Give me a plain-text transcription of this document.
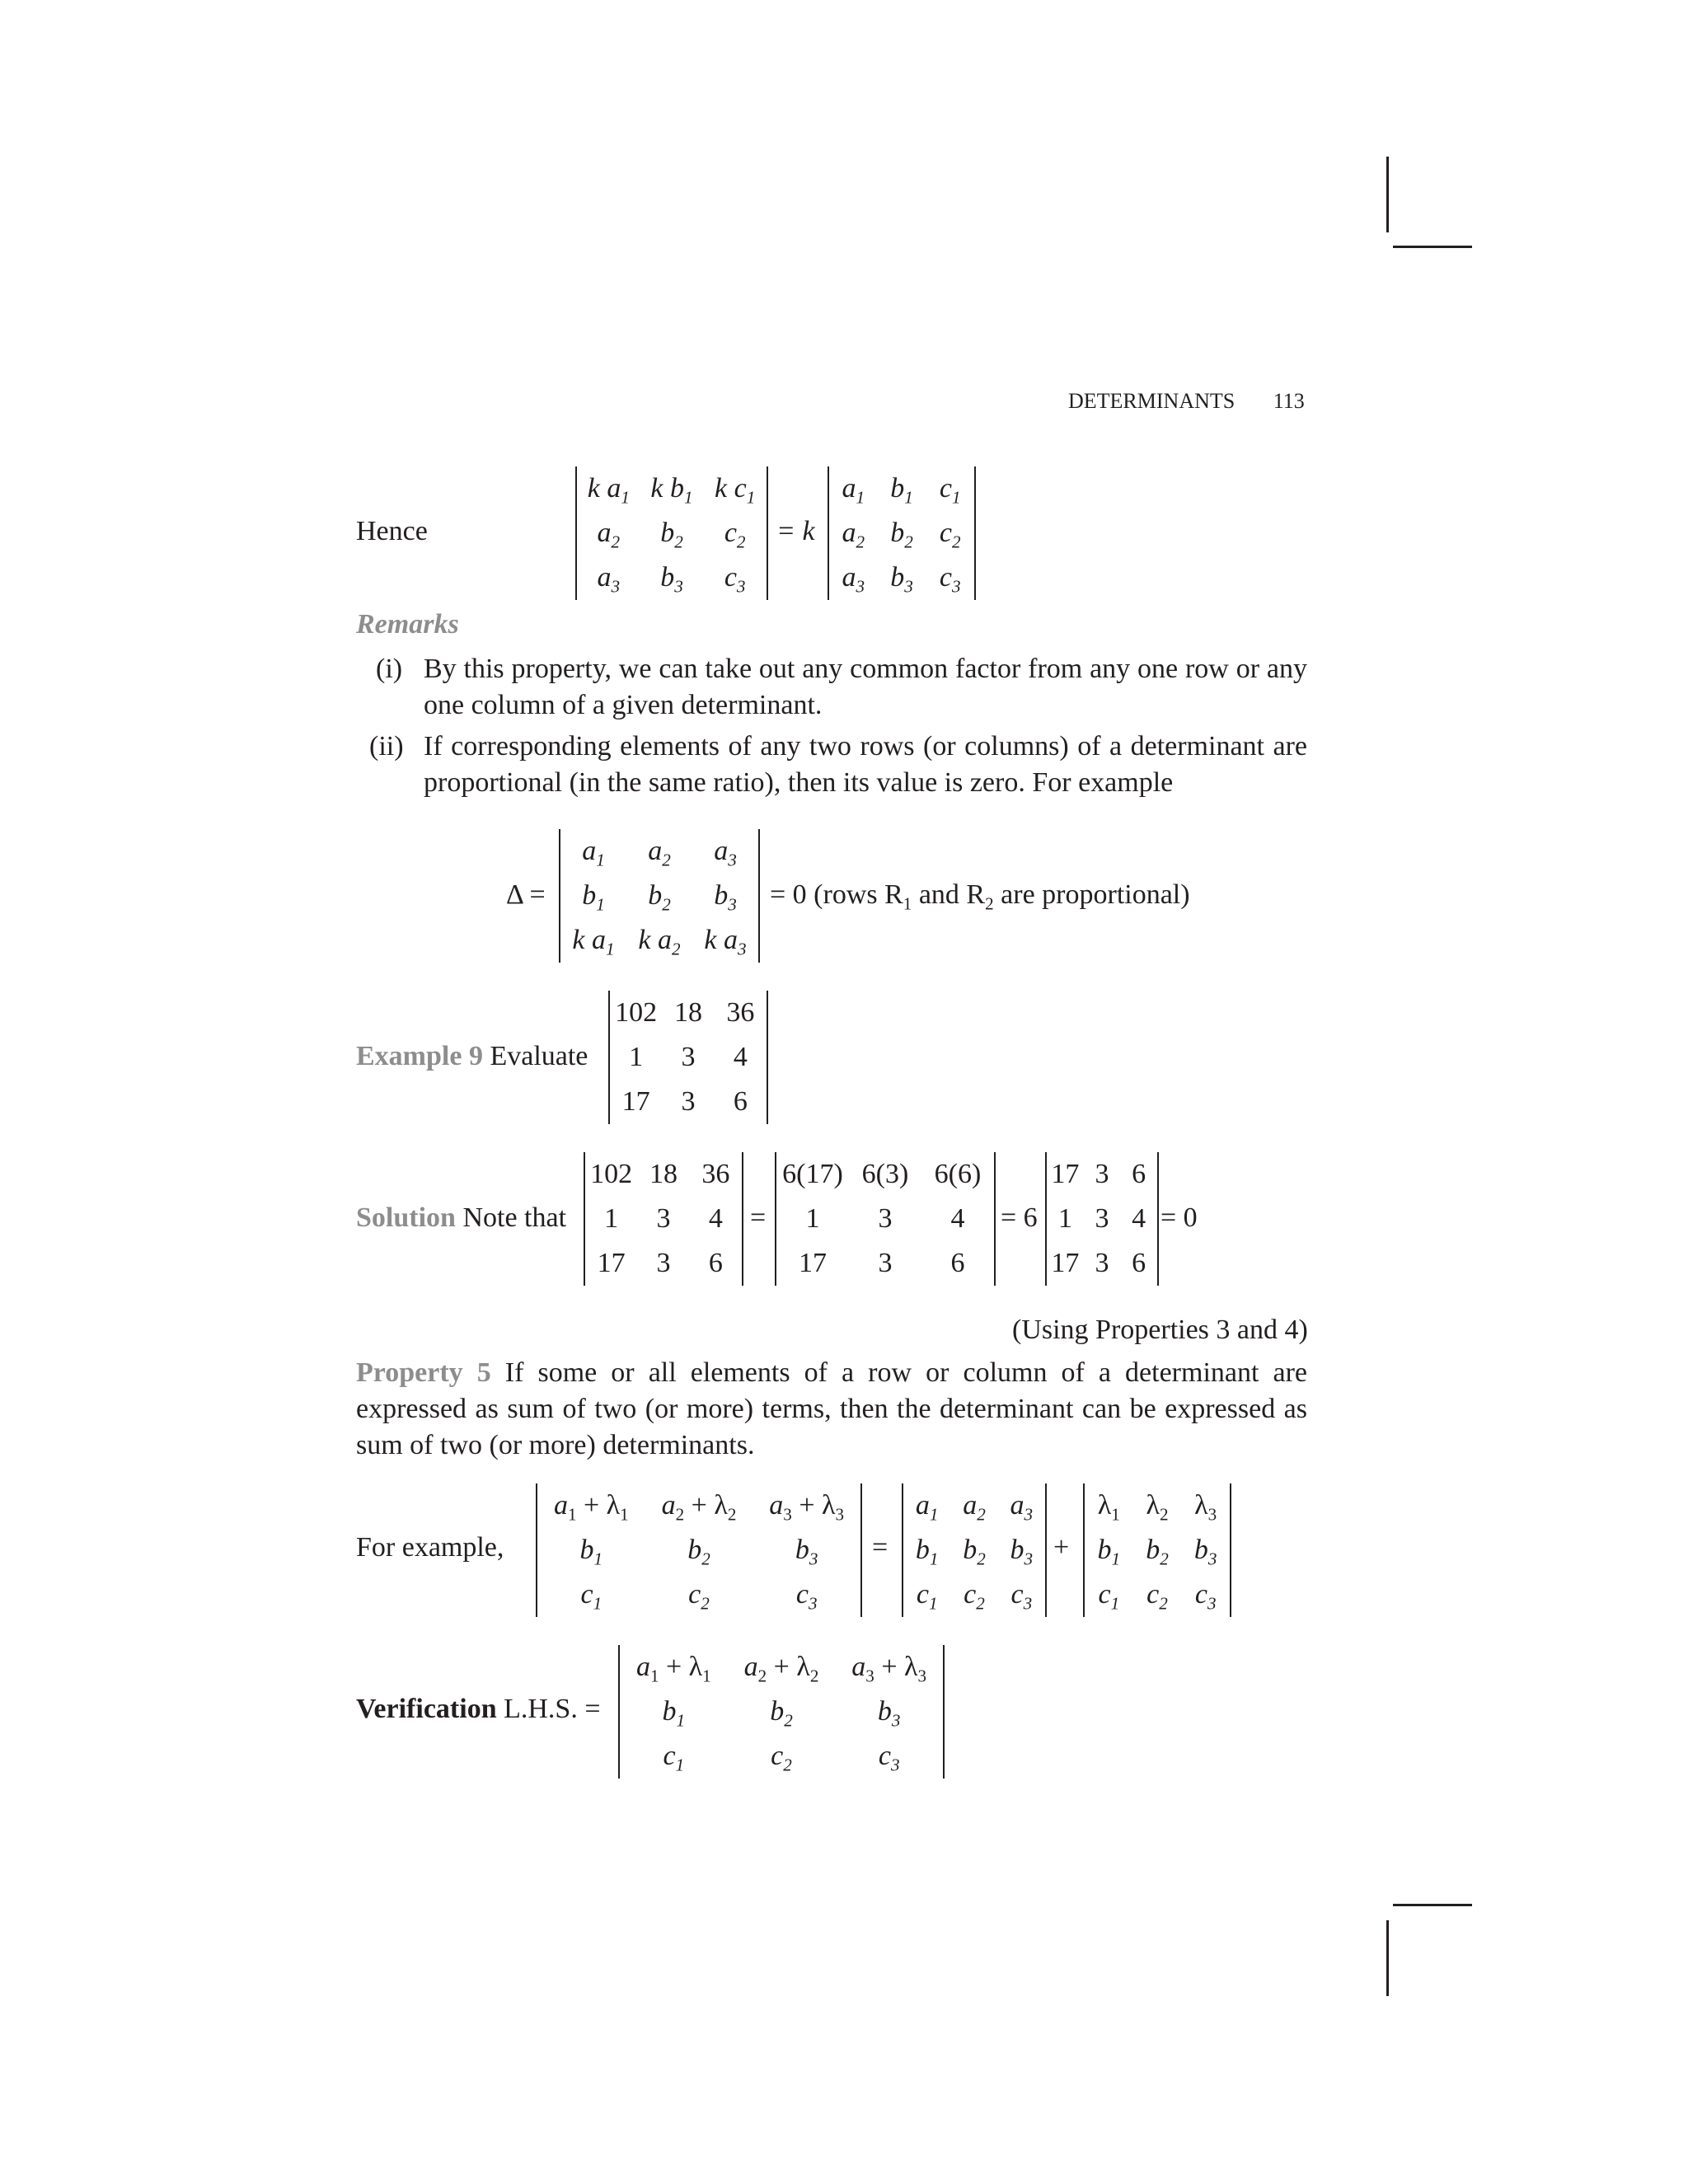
DETERMINANTS 113
Hence
k $a_1$ k $b_1$ k $c_1$
$a_2$	$b_2$	$c_2$
$a_3$	$b_3$	$c_3$
= k
$a_1$ $b_1$ $c_1$
$a_2$ $b_2$ $c_2$
$a_3$ $b_3$ $c_3$
Remarks
(i) By this property, we can take out any common factor from any one row or any one column of a given determinant.
(ii) If corresponding elements of any two rows (or columns) of a determinant are proportional (in the same ratio), then its value is zero. For example
Δ =
$a_1$	$a_2$	$a_3$
$b_1$	$b_2$	$b_3$
k $a_1$ k $a_2$ k $a_3$
= 0 (rows $R_1$ and $R_2$ are proportional)
Example 9 Evaluate
102 18 36
1	3	4
17	3	6
Solution Note that
102 18 36
1	3	4
17	3	6
=
6(17) 6(3) 6(6)
1	3	4
17	3	6
= 6
17 3 6
1 3 4
17 3 6
= 0
(Using Properties 3 and 4)
Property 5 If some or all elements of a row or column of a determinant are expressed as sum of two (or more) terms, then the determinant can be expressed as sum of two (or more) determinants.
For example,
$a_1 + \lambda_1$	$a_2 + \lambda_2$	$a_3 + \lambda_3$
$b_1$	$b_2$	$b_3$
$c_1$	$c_2$	$c_3$
=
$a_1$ $a_2$ $a_3$
$b_1$ $b_2$ $b_3$
$c_1$ $c_2$ $c_3$
+
$\lambda_1$ $\lambda_2$ $\lambda_3$
$b_1$ $b_2$ $b_3$
$c_1$ $c_2$ $c_3$
Verification L.H.S. =
$a_1 + \lambda_1$	$a_2 + \lambda_2$	$a_3 + \lambda_3$
$b_1$	$b_2$	$b_3$
$c_1$	$c_2$	$c_3$
